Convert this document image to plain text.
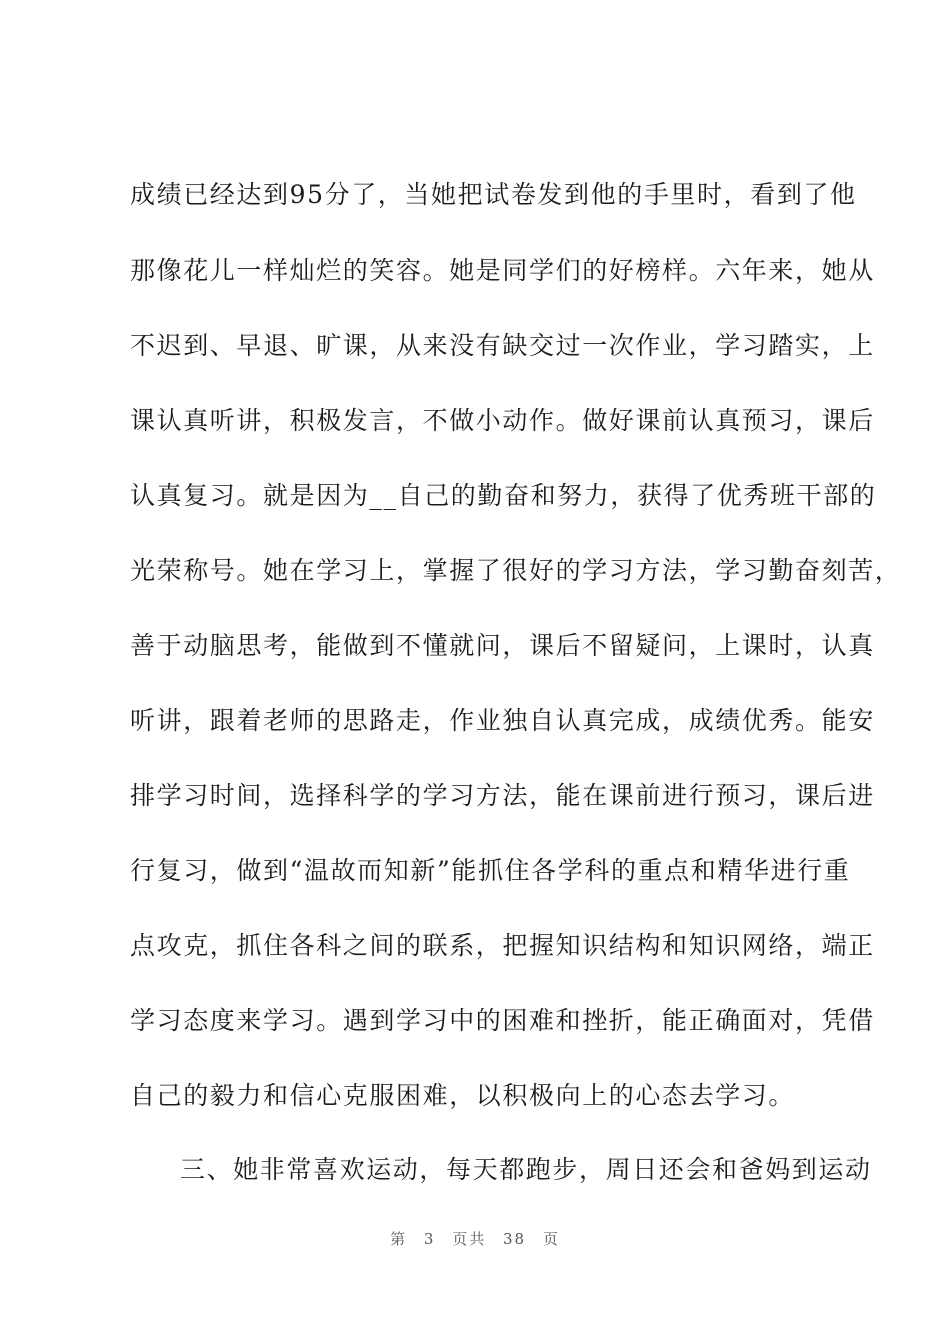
成绩已经达到95分了，当她把试卷发到他的手里时，看到了他
那像花儿一样灿烂的笑容。她是同学们的好榜样。六年来，她从
不迟到、早退、旷课，从来没有缺交过一次作业，学习踏实，上
课认真听讲，积极发言，不做小动作。做好课前认真预习，课后
认真复习。就是因为__自己的勤奋和努力，获得了优秀班干部的
光荣称号。她在学习上，掌握了很好的学习方法，学习勤奋刻苦，
善于动脑思考，能做到不懂就问，课后不留疑问，上课时，认真
听讲，跟着老师的思路走，作业独自认真完成，成绩优秀。能安
排学习时间，选择科学的学习方法，能在课前进行预习，课后进
行复习，做到“温故而知新”能抓住各学科的重点和精华进行重
点攻克，抓住各科之间的联系，把握知识结构和知识网络，端正
学习态度来学习。遇到学习中的困难和挫折，能正确面对，凭借
自己的毅力和信心克服困难，以积极向上的心态去学习。
三、她非常喜欢运动，每天都跑步，周日还会和爸妈到运动
第 3 页共 38 页
